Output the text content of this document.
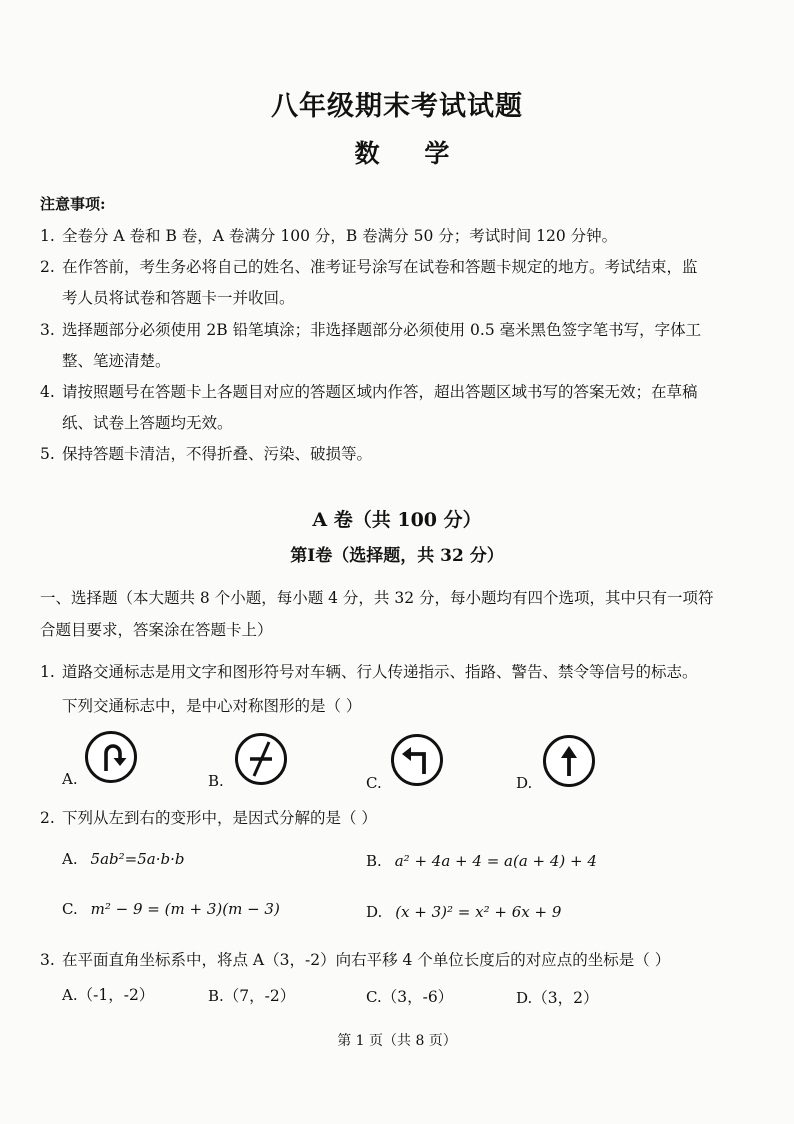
八年级期末考试试题
数 学
注意事项:
1. 全卷分 A 卷和 B 卷，A 卷满分 100 分，B 卷满分 50 分；考试时间 120 分钟。
2. 在作答前，考生务必将自己的姓名、准考证号涂写在试卷和答题卡规定的地方。考试结束，监
考人员将试卷和答题卡一并收回。
3. 选择题部分必须使用 2B 铅笔填涂；非选择题部分必须使用 0.5 毫米黑色签字笔书写，字体工
整、笔迹清楚。
4. 请按照题号在答题卡上各题目对应的答题区域内作答，超出答题区域书写的答案无效；在草稿
纸、试卷上答题均无效。
5. 保持答题卡清洁，不得折叠、污染、破损等。
A 卷（共 100 分）
第Ⅰ卷（选择题，共 32 分）
一、选择题（本大题共 8 个小题，每小题 4 分，共 32 分，每小题均有四个选项，其中只有一项符
合题目要求，答案涂在答题卡上）
1. 道路交通标志是用文字和图形符号对车辆、行人传递指示、指路、警告、禁令等信号的标志。
下列交通标志中，是中心对称图形的是（ ）
A.	B.	C.	D.
2. 下列从左到右的变形中，是因式分解的是（ ）
A. 5ab²=5a·b·b	B. a² + 4a + 4 = a(a + 4) + 4
C. m² − 9 = (m + 3)(m − 3)	D. (x + 3)² = x² + 6x + 9
3. 在平面直角坐标系中，将点 A（3，-2）向右平移 4 个单位长度后的对应点的坐标是（ ）
A.（-1，-2）	B.（7，-2）	C.（3，-6）	D.（3，2）
第 1 页（共 8 页）
